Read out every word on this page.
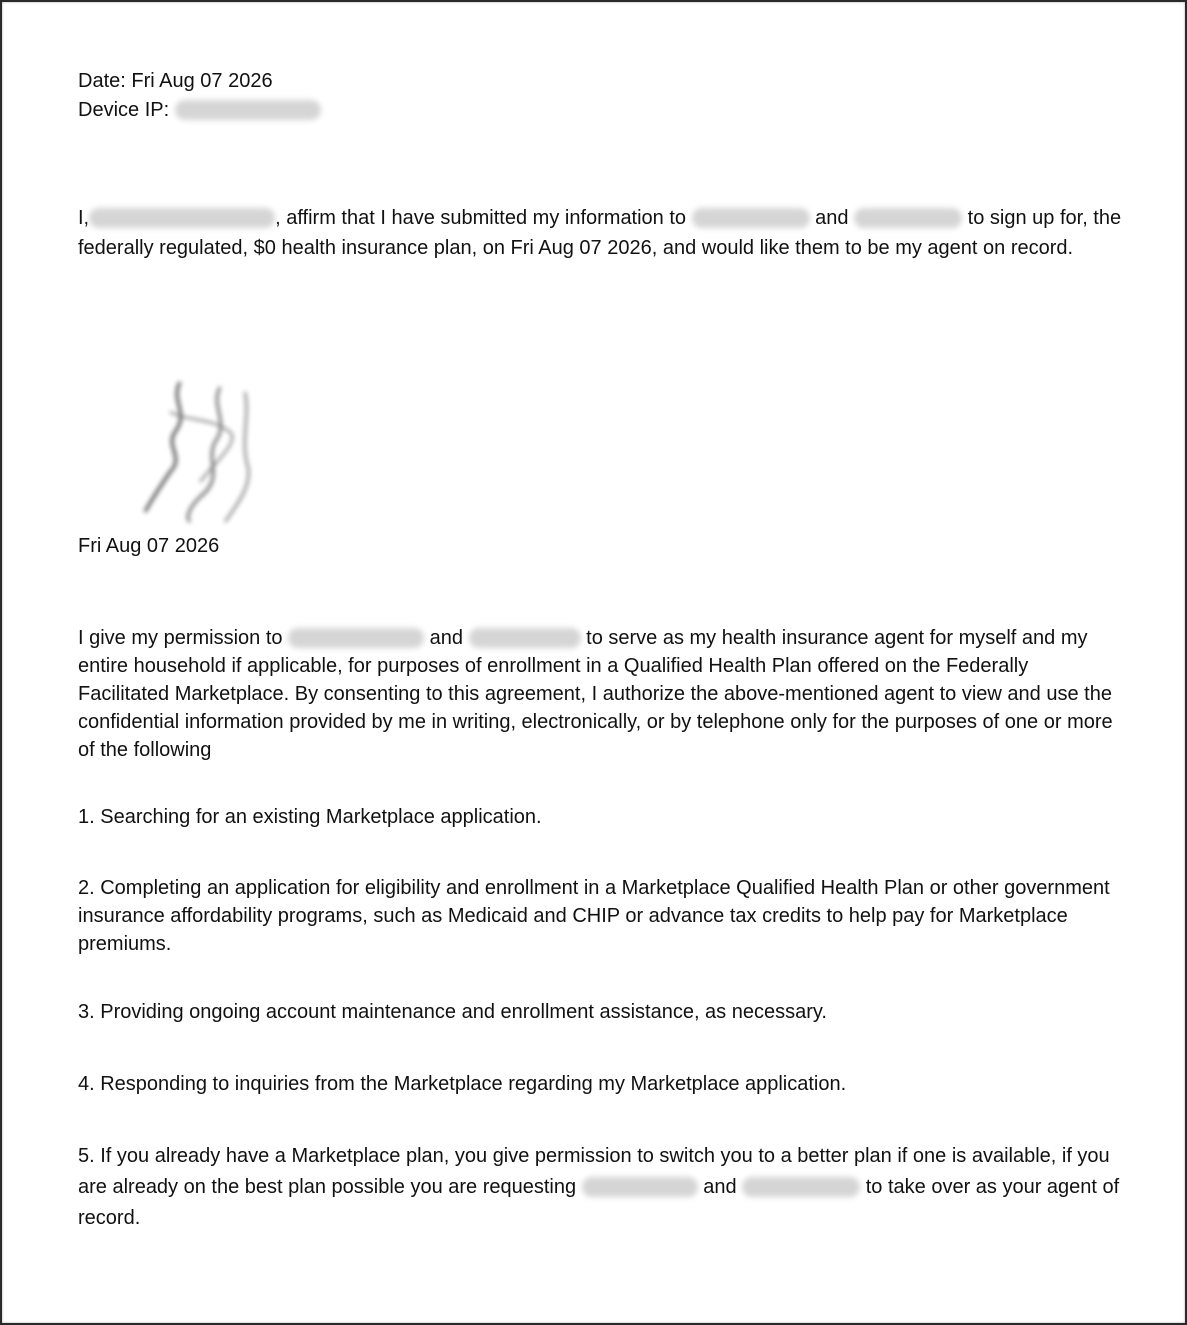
Date: Fri Aug 07 2026

Device IP:

I,	, affirm that I have submitted my information to	and	to sign up for, the

federally regulated, $0 health insurance plan, on Fri Aug 07 2026, and would like them to be my agent on record.

Fri Aug 07 2026

I give my permission to	and	to serve as my health insurance agent for myself and my entire household if applicable, for purposes of enrollment in a Qualified Health Plan offered on the Federally Facilitated Marketplace. By consenting to this agreement, I authorize the above-mentioned agent to view and use the confidential information provided by me in writing, electronically, or by telephone only for the purposes of one or more of the following

1. Searching for an existing Marketplace application.

2. Completing an application for eligibility and enrollment in a Marketplace Qualified Health Plan or other government insurance affordability programs, such as Medicaid and CHIP or advance tax credits to help pay for Marketplace premiums.

3. Providing ongoing account maintenance and enrollment assistance, as necessary.

4. Responding to inquiries from the Marketplace regarding my Marketplace application.

5. If you already have a Marketplace plan, you give permission to switch you to a better plan if one is available, if you are already on the best plan possible you are requesting	and	to take over as your agent of record.
